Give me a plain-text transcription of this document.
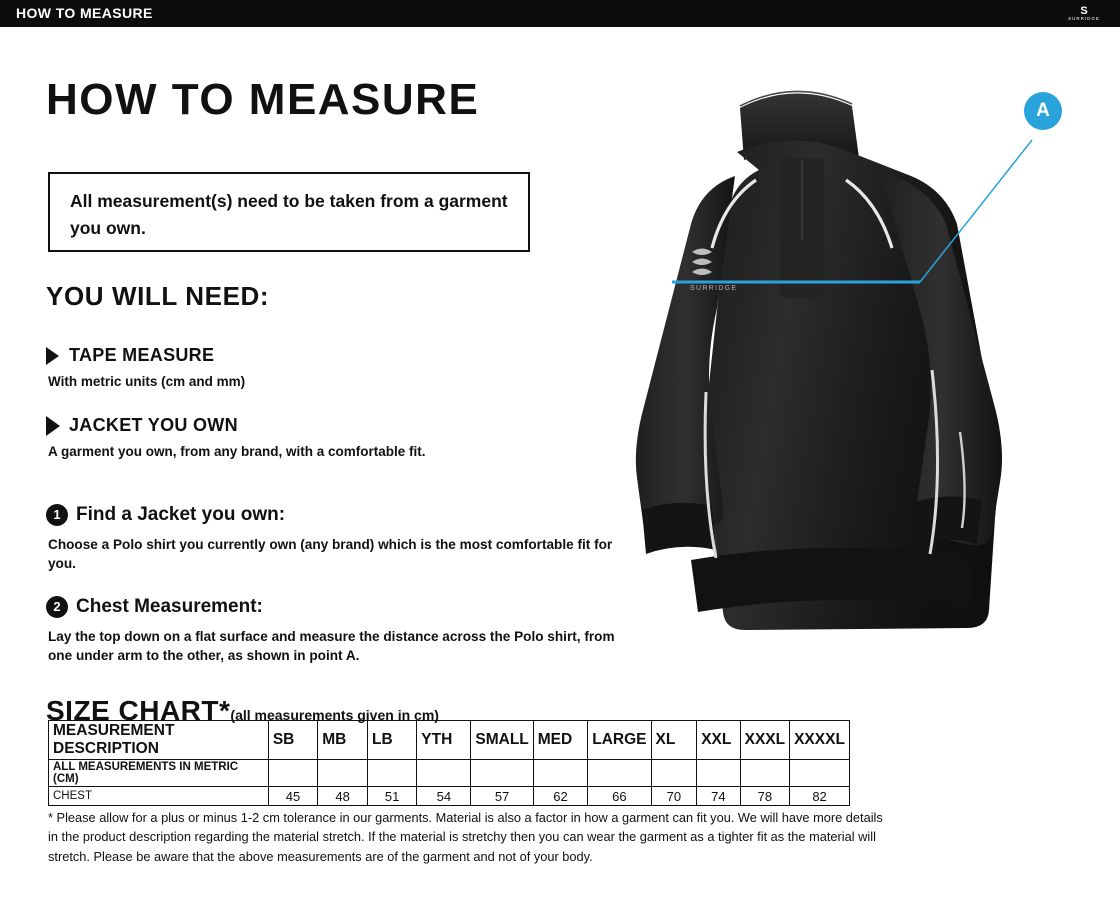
HOW TO MEASURE	S
SURRIDGE
HOW TO MEASURE
All measurement(s) need to be taken from a garment you own.
YOU WILL NEED:
TAPE MEASURE
With metric units (cm and mm)
JACKET YOU OWN
A garment you own, from any brand, with a comfortable fit.
1 Find a Jacket you own:
Choose a Polo shirt you currently own (any brand) which is the most comfortable fit for you.
2 Chest Measurement:
Lay the top down on a flat surface and measure the distance across the Polo shirt, from one under arm to the other, as shown in point A.
SIZE CHART*(all measurements given in cm)
MEASUREMENT DESCRIPTION	SB	MB	LB	YTH	SMALL	MED	LARGE	XL	XXL	XXXL	XXXXL
ALL MEASUREMENTS IN METRIC (CM)											
CHEST	45	48	51	54	57	62	66	70	74	78	82
* Please allow for a plus or minus 1-2 cm tolerance in our garments. Material is also a factor in how a garment can fit you. We will have more details in the product description regarding the material stretch. If the material is stretchy then you can wear the garment as a tighter fit as the material will stretch. Please be aware that the above measurements are of the garment and not of your body.
SURRIDGE
A
